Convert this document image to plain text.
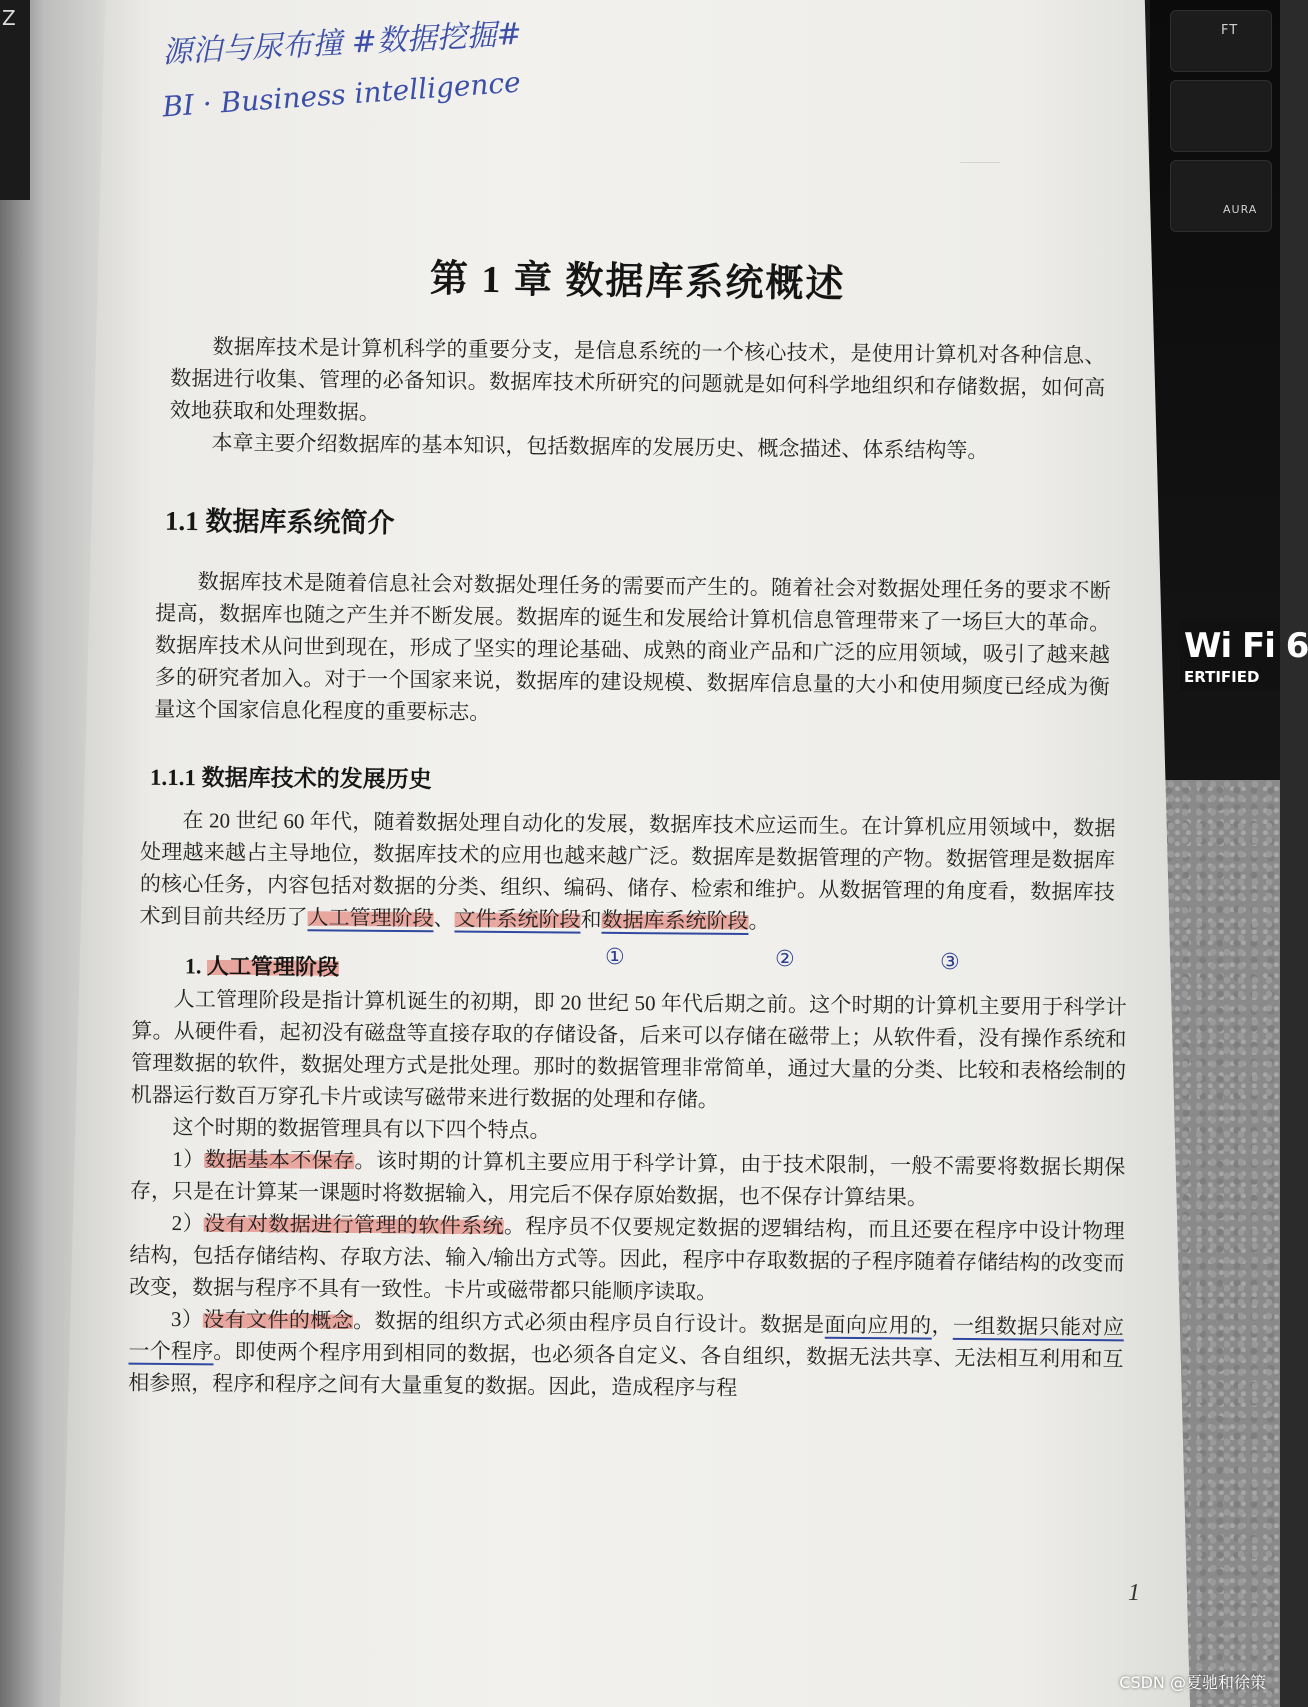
Z
FT
AURA
Wi Fi 6
ERTIFIED
——
源泊与尿布撞 #数据挖掘#
BI · Business intelligence
第 1 章 数据库系统概述

数据库技术是计算机科学的重要分支，是信息系统的一个核心技术，是使用计算机对各种信息、数据进行收集、管理的必备知识。数据库技术所研究的问题就是如何科学地组织和存储数据，如何高效地获取和处理数据。

本章主要介绍数据库的基本知识，包括数据库的发展历史、概念描述、体系结构等。

1.1 数据库系统简介

数据库技术是随着信息社会对数据处理任务的需要而产生的。随着社会对数据处理任务的要求不断提高，数据库也随之产生并不断发展。数据库的诞生和发展给计算机信息管理带来了一场巨大的革命。数据库技术从问世到现在，形成了坚实的理论基础、成熟的商业产品和广泛的应用领域，吸引了越来越多的研究者加入。对于一个国家来说，数据库的建设规模、数据库信息量的大小和使用频度已经成为衡量这个国家信息化程度的重要标志。

1.1.1 数据库技术的发展历史

在 20 世纪 60 年代，随着数据处理自动化的发展，数据库技术应运而生。在计算机应用领域中，数据处理越来越占主导地位，数据库技术的应用也越来越广泛。数据库是数据管理的产物。数据管理是数据库的核心任务，内容包括对数据的分类、组织、编码、储存、检索和维护。从数据管理的角度看，数据库技术到目前共经历了人工管理阶段、文件系统阶段和数据库系统阶段。

①	②	③
1. 人工管理阶段

人工管理阶段是指计算机诞生的初期，即 20 世纪 50 年代后期之前。这个时期的计算机主要用于科学计算。从硬件看，起初没有磁盘等直接存取的存储设备，后来可以存储在磁带上；从软件看，没有操作系统和管理数据的软件，数据处理方式是批处理。那时的数据管理非常简单，通过大量的分类、比较和表格绘制的机器运行数百万穿孔卡片或读写磁带来进行数据的处理和存储。

这个时期的数据管理具有以下四个特点。

1）数据基本不保存。该时期的计算机主要应用于科学计算，由于技术限制，一般不需要将数据长期保存，只是在计算某一课题时将数据输入，用完后不保存原始数据，也不保存计算结果。

2）没有对数据进行管理的软件系统。程序员不仅要规定数据的逻辑结构，而且还要在程序中设计物理结构，包括存储结构、存取方法、输入/输出方式等。因此，程序中存取数据的子程序随着存储结构的改变而改变，数据与程序不具有一致性。卡片或磁带都只能顺序读取。

3）没有文件的概念。数据的组织方式必须由程序员自行设计。数据是面向应用的，一组数据只能对应一个程序。即使两个程序用到相同的数据，也必须各自定义、各自组织，数据无法共享、无法相互利用和互相参照，程序和程序之间有大量重复的数据。因此，造成程序与程

1
CSDN @夏驰和徐策
